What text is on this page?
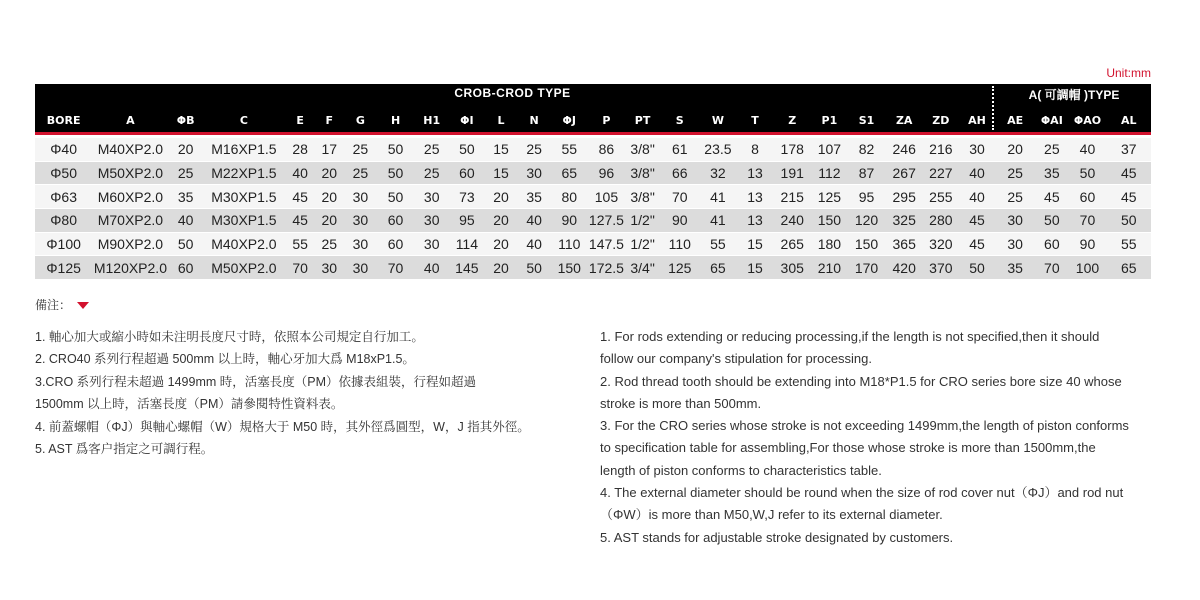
Unit:mm
CROB-CROD TYPE	A( 可調帽 )TYPE
BORE	A	ΦB	C	E	F	G	H	H1	ΦI	L	N	ΦJ	P	PT	S	W	T	Z	P1	S1	ZA	ZD	AH	AE	ΦAI	ΦAO	AL

Φ40	M40XP2.0	20	M16XP1.5	28	17	25	50	25	50	15	25	55	86	3/8"	61	23.5	8	178	107	82	246	216	30	20	25	40	37
Φ50	M50XP2.0	25	M22XP1.5	40	20	25	50	25	60	15	30	65	96	3/8"	66	32	13	191	112	87	267	227	40	25	35	50	45
Φ63	M60XP2.0	35	M30XP1.5	45	20	30	50	30	73	20	35	80	105	3/8"	70	41	13	215	125	95	295	255	40	25	45	60	45
Φ80	M70XP2.0	40	M30XP1.5	45	20	30	60	30	95	20	40	90	127.5	1/2"	90	41	13	240	150	120	325	280	45	30	50	70	50
Φ100	M90XP2.0	50	M40XP2.0	55	25	30	60	30	114	20	40	110	147.5	1/2"	110	55	15	265	180	150	365	320	45	30	60	90	55
Φ125	M120XP2.0	60	M50XP2.0	70	30	30	70	40	145	20	50	150	172.5	3/4"	125	65	15	305	210	170	420	370	50	35	70	100	65
備注：

1. 軸心加大或縮小時如未注明長度尺寸時，依照本公司規定自行加工。

2. CRO40 系列行程超過 500mm 以上時，軸心牙加大爲 M18xP1.5。

3.CRO 系列行程未超過 1499mm 時，活塞長度（PM）依據表組裝，行程如超過

1500mm 以上時，活塞長度（PM）請參閱特性資料表。

4. 前蓋螺帽（ΦJ）與軸心螺帽（W）規格大于 M50 時，其外徑爲圓型，W，J 指其外徑。

5. AST 爲客户指定之可調行程。

1. For rods extending or reducing processing,if the length is not specified,then it should

follow our company's stipulation for processing.

2. Rod thread tooth should be extending into M18*P1.5 for CRO series bore size 40 whose

stroke is more than 500mm.

3. For the CRO series whose stroke is not exceeding 1499mm,the length of piston conforms

to specification table for assembling,For those whose stroke is more than 1500mm,the

length of piston conforms to characteristics table.

4. The external diameter should be round when the size of rod cover nut（ΦJ）and rod nut

（ΦW）is more than M50,W,J refer to its external diameter.

5. AST stands for adjustable stroke designated by customers.
